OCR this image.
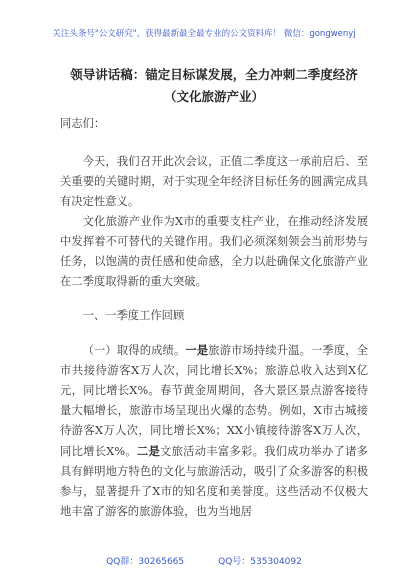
关注头条号"公文研究"，获得最新最全最专业的公文资料库！ 微信：gongwenyj
领导讲话稿：锚定目标谋发展，全力冲刺二季度经济（文化旅游产业）

同志们：

今天，我们召开此次会议，正值二季度这一承前启后、至关重要的关键时期，对于实现全年经济目标任务的圆满完成具有决定性意义。

文化旅游产业作为X市的重要支柱产业，在推动经济发展中发挥着不可替代的关键作用。我们必须深刻领会当前形势与任务，以饱满的责任感和使命感，全力以赴确保文化旅游产业在二季度取得新的重大突破。

一、一季度工作回顾

（一）取得的成绩。一是旅游市场持续升温。一季度，全市共接待游客X万人次，同比增长X%；旅游总收入达到X亿元，同比增长X%。春节黄金周期间，各大景区景点游客接待量大幅增长，旅游市场呈现出火爆的态势。例如，X市古城接待游客X万人次，同比增长X%；XX小镇接待游客X万人次，同比增长X%。二是文旅活动丰富多彩。我们成功举办了诸多具有鲜明地方特色的文化与旅游活动，吸引了众多游客的积极参与，显著提升了X市的知名度和美誉度。这些活动不仅极大地丰富了游客的旅游体验，也为当地居

QQ群：30265665	QQ号：535304092
